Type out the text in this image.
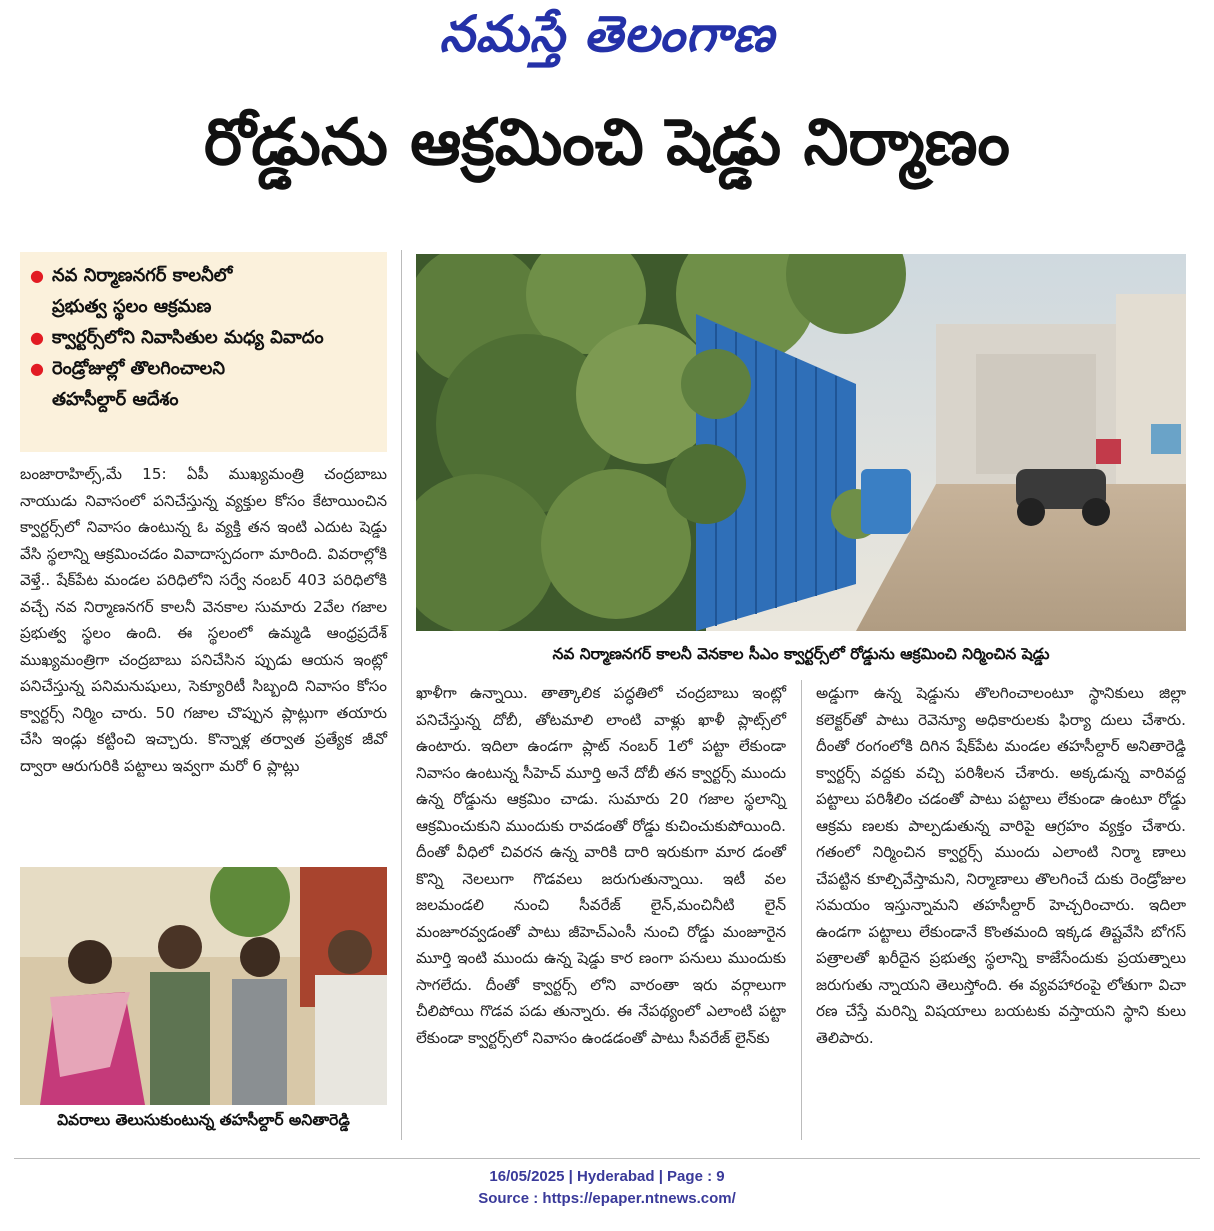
నమస్తే తెలంగాణ
రోడ్డును ఆక్రమించి షెడ్డు నిర్మాణం
● నవ నిర్మాణనగర్ కాలనీలో
ప్రభుత్వ స్థలం ఆక్రమణ
● క్వార్టర్స్‌లోని నివాసితుల మధ్య వివాదం
● రెండ్రోజుల్లో తొలగించాలని
తహసీల్దార్ ఆదేశం
నవ నిర్మాణనగర్ కాలనీ వెనకాల సీఎం క్వార్టర్స్‌లో రోడ్డును ఆక్రమించి నిర్మించిన షెడ్డు

బంజారాహిల్స్,మే 15: ఏపీ ముఖ్యమంత్రి చంద్రబాబు నాయుడు నివాసంలో పనిచేస్తున్న వ్యక్తుల కోసం కేటాయించిన క్వార్టర్స్‌లో నివాసం ఉంటున్న ఓ వ్యక్తి తన ఇంటి ఎదుట షెడ్డు వేసి స్థలాన్ని ఆక్రమించడం వివాదాస్పదంగా మారింది. వివరాల్లోకి వెళ్తే.. షేక్‌పేట మండల పరిధిలోని సర్వే నంబర్ 403 పరిధిలోకి వచ్చే నవ నిర్మాణనగర్ కాలనీ వెనకాల సుమారు 2వేల గజాల ప్రభుత్వ స్థలం ఉంది. ఈ స్థలంలో ఉమ్మడి ఆంధ్రప్రదేశ్ ముఖ్యమంత్రిగా చంద్రబాబు పనిచేసిన ప్పుడు ఆయన ఇంట్లో పనిచేస్తున్న పనిమనుషులు, సెక్యూరిటీ సిబ్బంది నివాసం కోసం క్వార్టర్స్ నిర్మిం చారు. 50 గజాల చొప్పున ప్లాట్లుగా తయారు చేసి ఇండ్లు కట్టించి ఇచ్చారు. కొన్నాళ్ల తర్వాత ప్రత్యేక జీవో ద్వారా ఆరుగురికి పట్టాలు ఇవ్వగా మరో 6 ప్లాట్లు

వివరాలు తెలుసుకుంటున్న తహసీల్దార్ అనితారెడ్డి

ఖాళీగా ఉన్నాయి. తాత్కాలిక పద్ధతిలో చంద్రబాబు ఇంట్లో పనిచేస్తున్న దోబీ, తోటమాలి లాంటి వాళ్లు ఖాళీ ప్లాట్స్‌లో ఉంటారు. ఇదిలా ఉండగా ప్లాట్ నంబర్ 1లో పట్టా లేకుండా నివాసం ఉంటున్న సీహెచ్ మూర్తి అనే దోబీ తన క్వార్టర్స్ ముందు ఉన్న రోడ్డును ఆక్రమిం చాడు. సుమారు 20 గజాల స్థలాన్ని ఆక్రమించుకుని ముందుకు రావడంతో రోడ్డు కుచించుకుపోయింది. దీంతో వీధిలో చివరన ఉన్న వారికి దారి ఇరుకుగా మార డంతో కొన్ని నెలలుగా గొడవలు జరుగుతున్నాయి. ఇటీ వల జలమండలి నుంచి సీవరేజ్ లైన్,మంచినీటి లైన్ మంజూరవ్వడంతో పాటు జీహెచ్ఎంసీ నుంచి రోడ్డు మంజూరైన మూర్తి ఇంటి ముందు ఉన్న షెడ్డు కార ణంగా పనులు ముందుకు సాగలేదు. దీంతో క్వార్టర్స్ లోని వారంతా ఇరు వర్గాలుగా చీలిపోయి గొడవ పడు తున్నారు. ఈ నేపథ్యంలో ఎలాంటి పట్టా లేకుండా క్వార్టర్స్‌లో నివాసం ఉండడంతో పాటు సీవరేజ్ లైన్‌కు

అడ్డుగా ఉన్న షెడ్డును తొలగించాలంటూ స్థానికులు జిల్లా కలెక్టర్‌తో పాటు రెవెన్యూ అధికారులకు ఫిర్యా దులు చేశారు. దీంతో రంగంలోకి దిగిన షేక్‌పేట మండల తహసీల్దార్ అనితారెడ్డి క్వార్టర్స్ వద్దకు వచ్చి పరిశీలన చేశారు. అక్కడున్న వారివద్ద పట్టాలు పరిశీలిం చడంతో పాటు పట్టాలు లేకుండా ఉంటూ రోడ్డు ఆక్రమ ణలకు పాల్పడుతున్న వారిపై ఆగ్రహం వ్యక్తం చేశారు. గతంలో నిర్మించిన క్వార్టర్స్ ముందు ఎలాంటి నిర్మా ణాలు చేపట్టిన కూల్చివేస్తామని, నిర్మాణాలు తొలగించే దుకు రెండ్రోజుల సమయం ఇస్తున్నామని తహసీల్దార్ హెచ్చరించారు. ఇదిలా ఉండగా పట్టాలు లేకుండానే కొంతమంది ఇక్కడ తిష్టవేసి బోగస్ పత్రాలతో ఖరీదైన ప్రభుత్వ స్థలాన్ని కాజేసేందుకు ప్రయత్నాలు జరుగుతు న్నాయని తెలుస్తోంది. ఈ వ్యవహారంపై లోతుగా విచా రణ చేస్తే మరిన్ని విషయాలు బయటకు వస్తాయని స్థాని కులు తెలిపారు.

16/05/2025 | Hyderabad | Page : 9
Source : https://epaper.ntnews.com/
